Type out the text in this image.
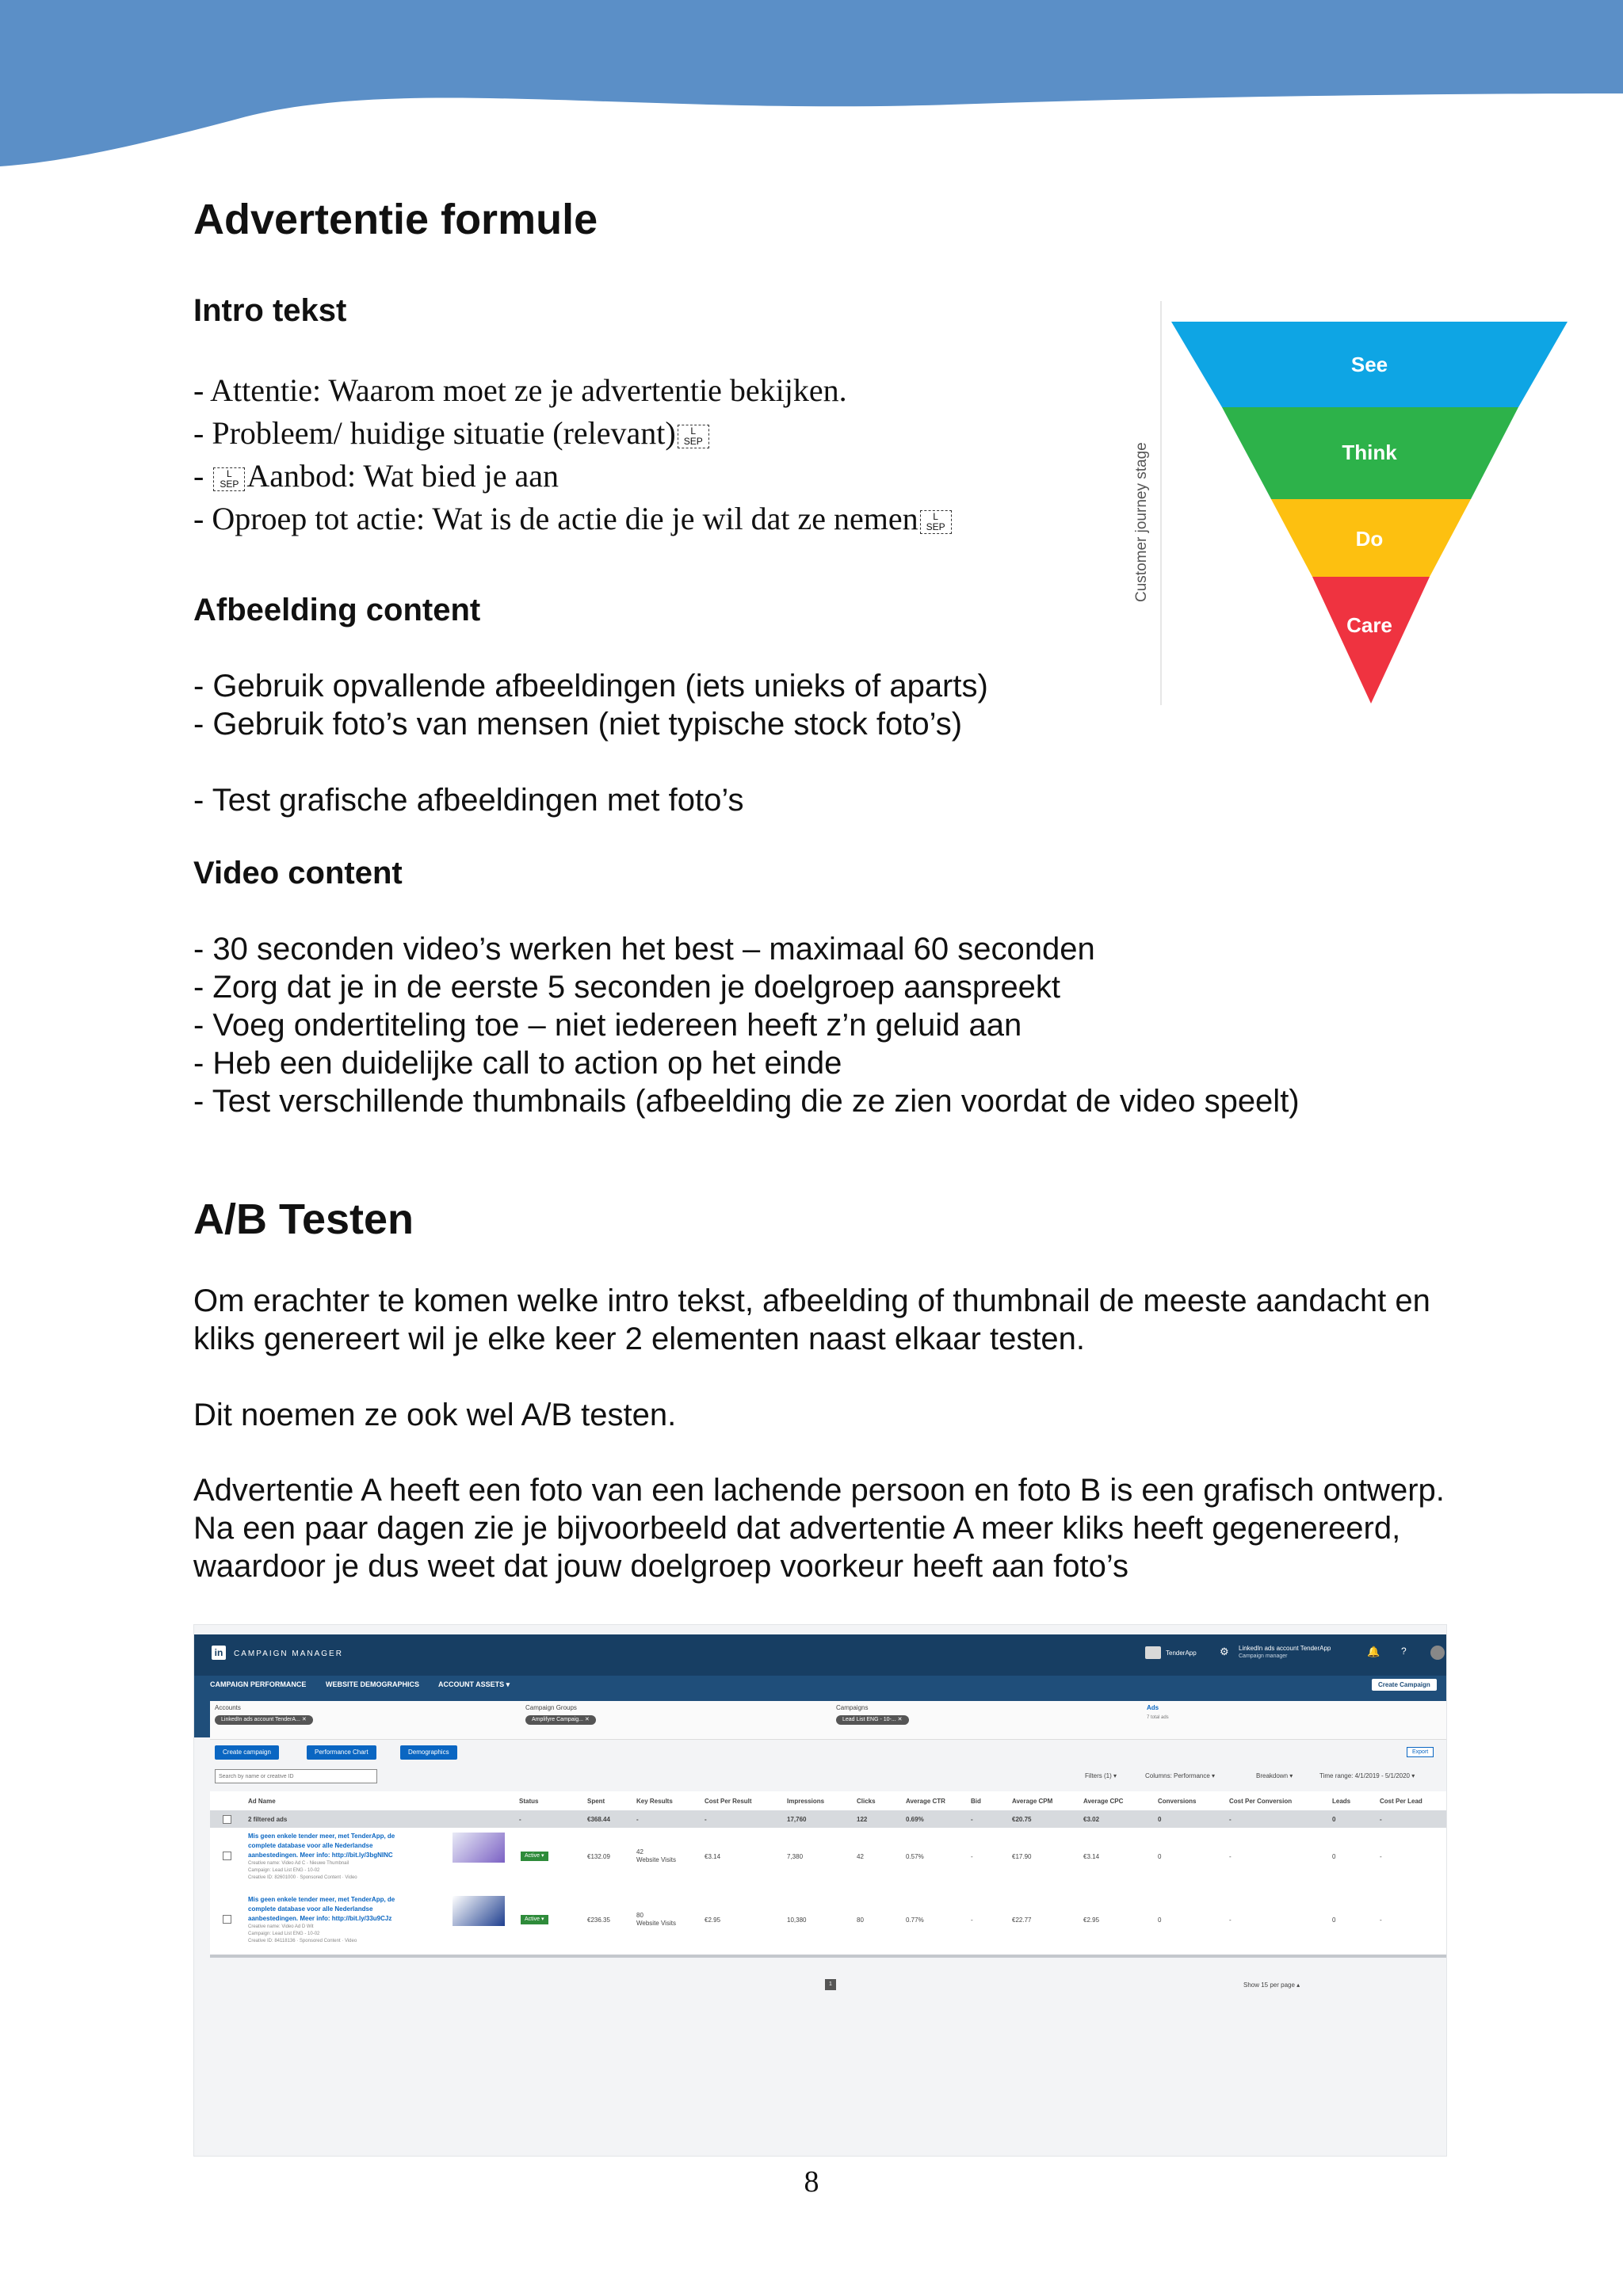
Advertentie formule
Intro tekst
- Attentie: Waarom moet ze je advertentie bekijken.
- Probleem/ huidige situatie (relevant) L
SEP
- L
SEP Aanbod: Wat bied je aan
- Oproep tot actie: Wat is de actie die je wil dat ze nemen L
SEP	Customer journey stage
See
Think
Do
Care
Afbeelding content
- Gebruik opvallende afbeeldingen (iets unieks of aparts)
- Gebruik foto’s van mensen (niet typische stock foto’s)
- Test grafische afbeeldingen met foto’s
Video content
- 30 seconden video’s werken het best – maximaal 60 seconden
- Zorg dat je in de eerste 5 seconden je doelgroep aanspreekt
- Voeg ondertiteling toe – niet iedereen heeft z’n geluid aan
- Heb een duidelijke call to action op het einde
- Test verschillende thumbnails (afbeelding die ze zien voordat de video speelt)
A/B Testen

Om erachter te komen welke intro tekst, afbeelding of thumbnail de meeste aandacht en kliks genereert wil je elke keer 2 elementen naast elkaar testen.

Dit noemen ze ook wel A/B testen.

Advertentie A heeft een foto van een lachende persoon en foto B is een grafisch ontwerp. Na een paar dagen zie je bijvoorbeeld dat advertentie A meer kliks heeft gegenereerd, waardoor je dus weet dat jouw doelgroep voorkeur heeft aan foto’s

in	CAMPAIGN MANAGER	TenderApp ⚙ LinkedIn ads account TenderApp
Campaign manager	🔔 ?
CAMPAIGN PERFORMANCE	WEBSITE DEMOGRAPHICS	ACCOUNT ASSETS ▾	Create Campaign
Accounts
LinkedIn ads account TenderA... ✕
Campaign Groups
Amplifyre Campaig... ✕
Campaigns
Lead List ENG - 10-... ✕
Ads
7 total ads
Create campaign	Performance Chart	Demographics	Export
Search by name or creative ID
Filters (1) ▾	Columns: Performance ▾	Breakdown ▾	Time range: 4/1/2019 - 5/1/2020 ▾
Ad Name	Status	Spent	Key Results	Cost Per Result	Impressions	Clicks	Average CTR	Bid	Average CPM	Average CPC	Conversions	Cost Per Conversion	Leads	Cost Per Lead
2 filtered ads	-	€368.44	-	-	17,760	122	0.69%	-	€20.75	€3.02	0	-	0	-
Mis geen enkele tender meer, met TenderApp, de
complete database voor alle Nederlandse
aanbestedingen. Meer info: http://bit.ly/3bgNINC
Creative name: Video Ad C - Nieuwe Thumbnail
Campaign: Lead List ENG - 10-02
Creative ID: 82601000 · Sponsored Content · Video
Active ▾	€132.09
42
Website Visits	€3.14	7,380	42	0.57%	-	€17.90	€3.14	0	-	0	-
Mis geen enkele tender meer, met TenderApp, de
complete database voor alle Nederlandse
aanbestedingen. Meer info: http://bit.ly/33u9CJz
Creative name: Video Ad D Wit
Campaign: Lead List ENG - 10-02
Creative ID: 84118136 · Sponsored Content · Video
Active ▾	€236.35
80
Website Visits	€2.95	10,380	80	0.77%	-	€22.77	€2.95	0	-	0	-
1	Show 15 per page ▴
8
